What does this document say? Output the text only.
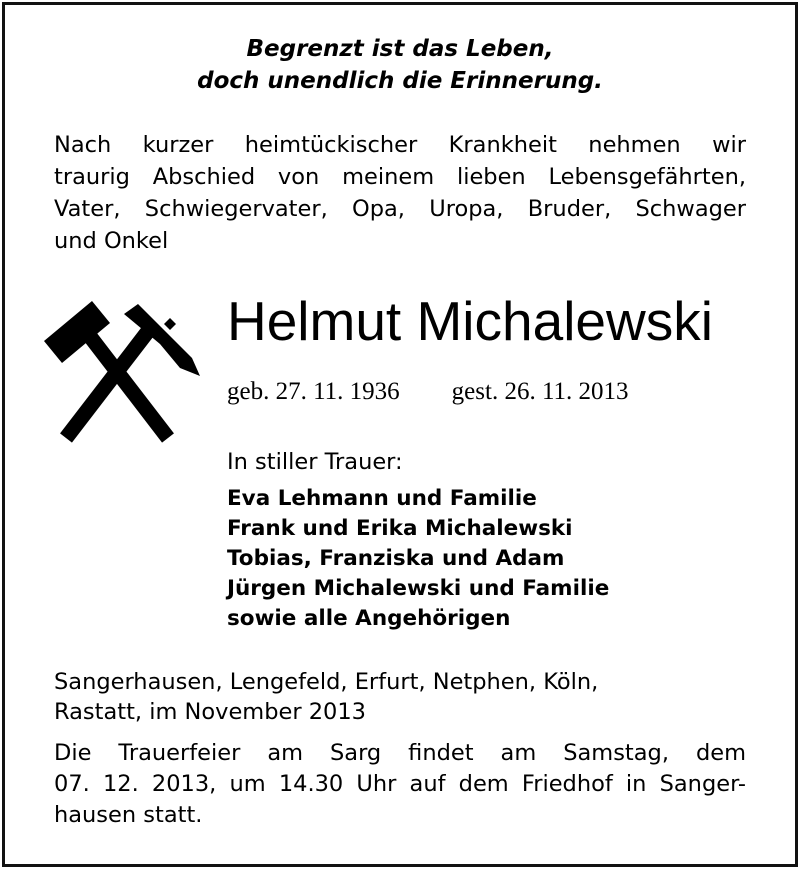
Begrenzt ist das Leben,
doch unendlich die Erinnerung.
Nach kurzer heimtückischer Krankheit nehmen wir
traurig Abschied von meinem lieben Lebensgefährten,
Vater, Schwiegervater, Opa, Uropa, Bruder, Schwager
und Onkel
Helmut Michalewski
geb. 27. 11. 1936 gest. 26. 11. 2013
In stiller Trauer:
Eva Lehmann und Familie
Frank und Erika Michalewski
Tobias, Franziska und Adam
Jürgen Michalewski und Familie
sowie alle Angehörigen
Sangerhausen, Lengefeld, Erfurt, Netphen, Köln,
Rastatt, im November 2013
Die Trauerfeier am Sarg findet am Samstag, dem
07. 12. 2013, um 14.30 Uhr auf dem Friedhof in Sanger-
hausen statt.
